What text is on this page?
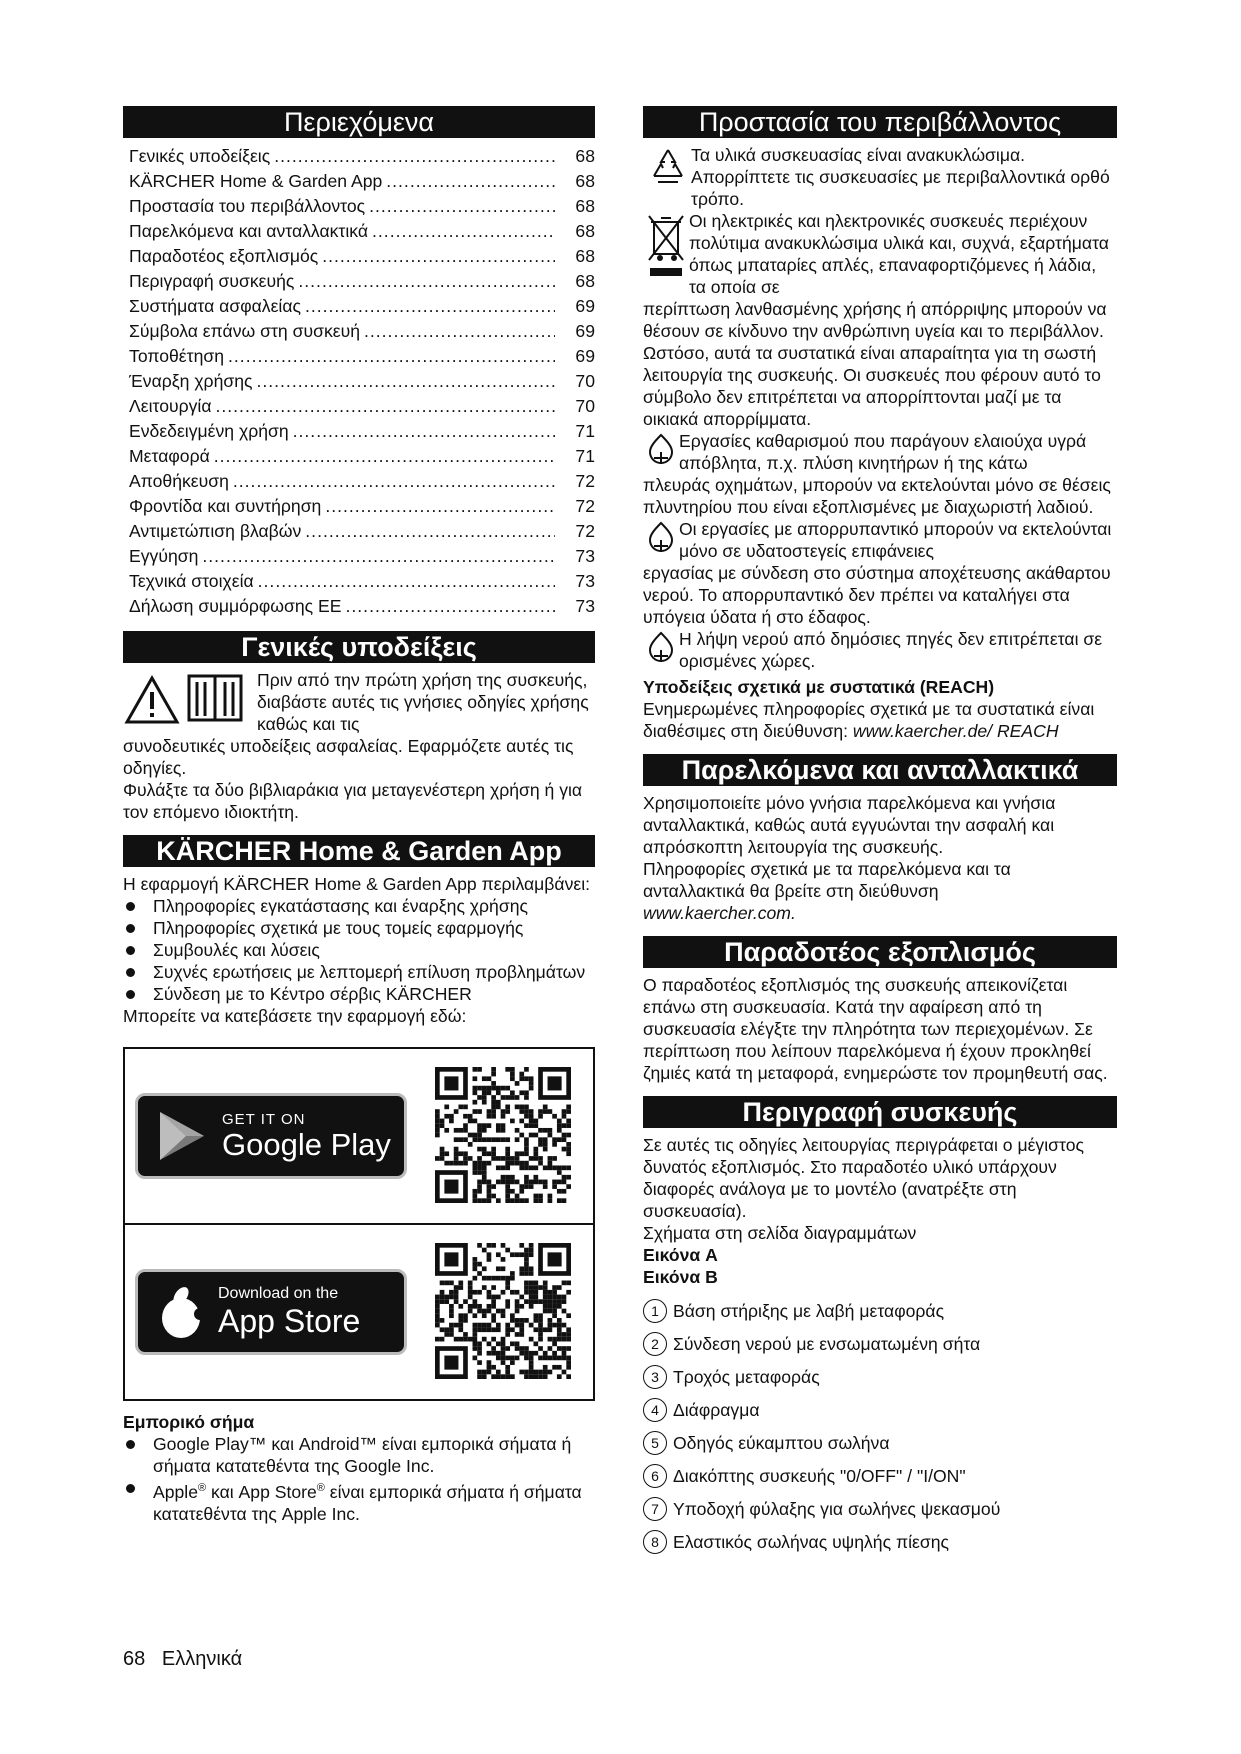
Περιεχόμενα
Γενικές υποδείξεις .....	68
KÄRCHER Home & Garden App .....	68
Προστασία του περιβάλλοντος .....	68
Παρελκόμενα και ανταλλακτικά .....	68
Παραδοτέος εξοπλισμός .....	68
Περιγραφή συσκευής .....	68
Συστήματα ασφαλείας .....	69
Σύμβολα επάνω στη συσκευή .....	69
Τοποθέτηση .....	69
Έναρξη χρήσης .....	70
Λειτουργία .....	70
Ενδεδειγμένη χρήση .....	71
Μεταφορά .....	71
Αποθήκευση .....	72
Φροντίδα και συντήρηση .....	72
Αντιμετώπιση βλαβών .....	72
Εγγύηση .....	73
Τεχνικά στοιχεία .....	73
Δήλωση συμμόρφωσης ΕΕ .....	73
Γενικές υποδείξεις

Πριν από την πρώτη χρήση της συσκευής, διαβάστε αυτές τις γνήσιες οδηγίες χρήσης καθώς και τις

συνοδευτικές υποδείξεις ασφαλείας. Εφαρμόζετε αυτές τις οδηγίες.

Φυλάξτε τα δύο βιβλιαράκια για μεταγενέστερη χρήση ή για τον επόμενο ιδιοκτήτη.

KÄRCHER Home & Garden App

Η εφαρμογή KÄRCHER Home & Garden App περιλαμβάνει:

Πληροφορίες εγκατάστασης και έναρξης χρήσης
Πληροφορίες σχετικά με τους τομείς εφαρμογής
Συμβουλές και λύσεις
Συχνές ερωτήσεις με λεπτομερή επίλυση προβλημάτων
Σύνδεση με το Κέντρο σέρβις KÄRCHER

Μπορείτε να κατεβάσετε την εφαρμογή εδώ:

GET IT ON
Google Play
Download on the
App Store

Εμπορικό σήμα

Google Play™ και Android™ είναι εμπορικά σήματα ή σήματα κατατεθέντα της Google Inc.
Apple® και App Store® είναι εμπορικά σήματα ή σήματα κατατεθέντα της Apple Inc.
Προστασία του περιβάλλοντος

Τα υλικά συσκευασίας είναι ανακυκλώσιμα. Απορρίπτετε τις συσκευασίες με περιβαλλοντικά ορθό τρόπο.

Οι ηλεκτρικές και ηλεκτρονικές συσκευές περιέχουν πολύτιμα ανακυκλώσιμα υλικά και, συχνά, εξαρτήματα όπως μπαταρίες απλές, επαναφορτιζόμενες ή λάδια, τα οποία σε

περίπτωση λανθασμένης χρήσης ή απόρριψης μπορούν να θέσουν σε κίνδυνο την ανθρώπινη υγεία και το περιβάλλον. Ωστόσο, αυτά τα συστατικά είναι απαραίτητα για τη σωστή λειτουργία της συσκευής. Οι συσκευές που φέρουν αυτό το σύμβολο δεν επιτρέπεται να απορρίπτονται μαζί με τα οικιακά απορρίμματα.

Εργασίες καθαρισμού που παράγουν ελαιούχα υγρά απόβλητα, π.χ. πλύση κινητήρων ή της κάτω

πλευράς οχημάτων, μπορούν να εκτελούνται μόνο σε θέσεις πλυντηρίου που είναι εξοπλισμένες με διαχωριστή λαδιού.

Οι εργασίες με απορρυπαντικό μπορούν να εκτελούνται μόνο σε υδατοστεγείς επιφάνειες

εργασίας με σύνδεση στο σύστημα αποχέτευσης ακάθαρτου νερού. Το απορρυπαντικό δεν πρέπει να καταλήγει στα υπόγεια ύδατα ή στο έδαφος.

Η λήψη νερού από δημόσιες πηγές δεν επιτρέπεται σε ορισμένες χώρες.

Υποδείξεις σχετικά με συστατικά (REACH)

Ενημερωμένες πληροφορίες σχετικά με τα συστατικά είναι διαθέσιμες στη διεύθυνση: www.kaercher.de/ REACH

Παρελκόμενα και ανταλλακτικά

Χρησιμοποιείτε μόνο γνήσια παρελκόμενα και γνήσια ανταλλακτικά, καθώς αυτά εγγυώνται την ασφαλή και απρόσκοπτη λειτουργία της συσκευής.

Πληροφορίες σχετικά με τα παρελκόμενα και τα ανταλλακτικά θα βρείτε στη διεύθυνση

www.kaercher.com.

Παραδοτέος εξοπλισμός

Ο παραδοτέος εξοπλισμός της συσκευής απεικονίζεται επάνω στη συσκευασία. Κατά την αφαίρεση από τη συσκευασία ελέγξτε την πληρότητα των περιεχομένων. Σε περίπτωση που λείπουν παρελκόμενα ή έχουν προκληθεί ζημιές κατά τη μεταφορά, ενημερώστε τον προμηθευτή σας.

Περιγραφή συσκευής

Σε αυτές τις οδηγίες λειτουργίας περιγράφεται ο μέγιστος δυνατός εξοπλισμός. Στο παραδοτέο υλικό υπάρχουν διαφορές ανάλογα με το μοντέλο (ανατρέξτε στη συσκευασία).

Σχήματα στη σελίδα διαγραμμάτων

Εικόνα A

Εικόνα B

1 Βάση στήριξης με λαβή μεταφοράς
2 Σύνδεση νερού με ενσωματωμένη σήτα
3 Τροχός μεταφοράς
4 Διάφραγμα
5 Οδηγός εύκαμπτου σωλήνα
6 Διακόπτης συσκευής "0/OFF" / "I/ON"
7 Υποδοχή φύλαξης για σωλήνες ψεκασμού
8 Ελαστικός σωλήνας υψηλής πίεσης
68 Ελληνικά
